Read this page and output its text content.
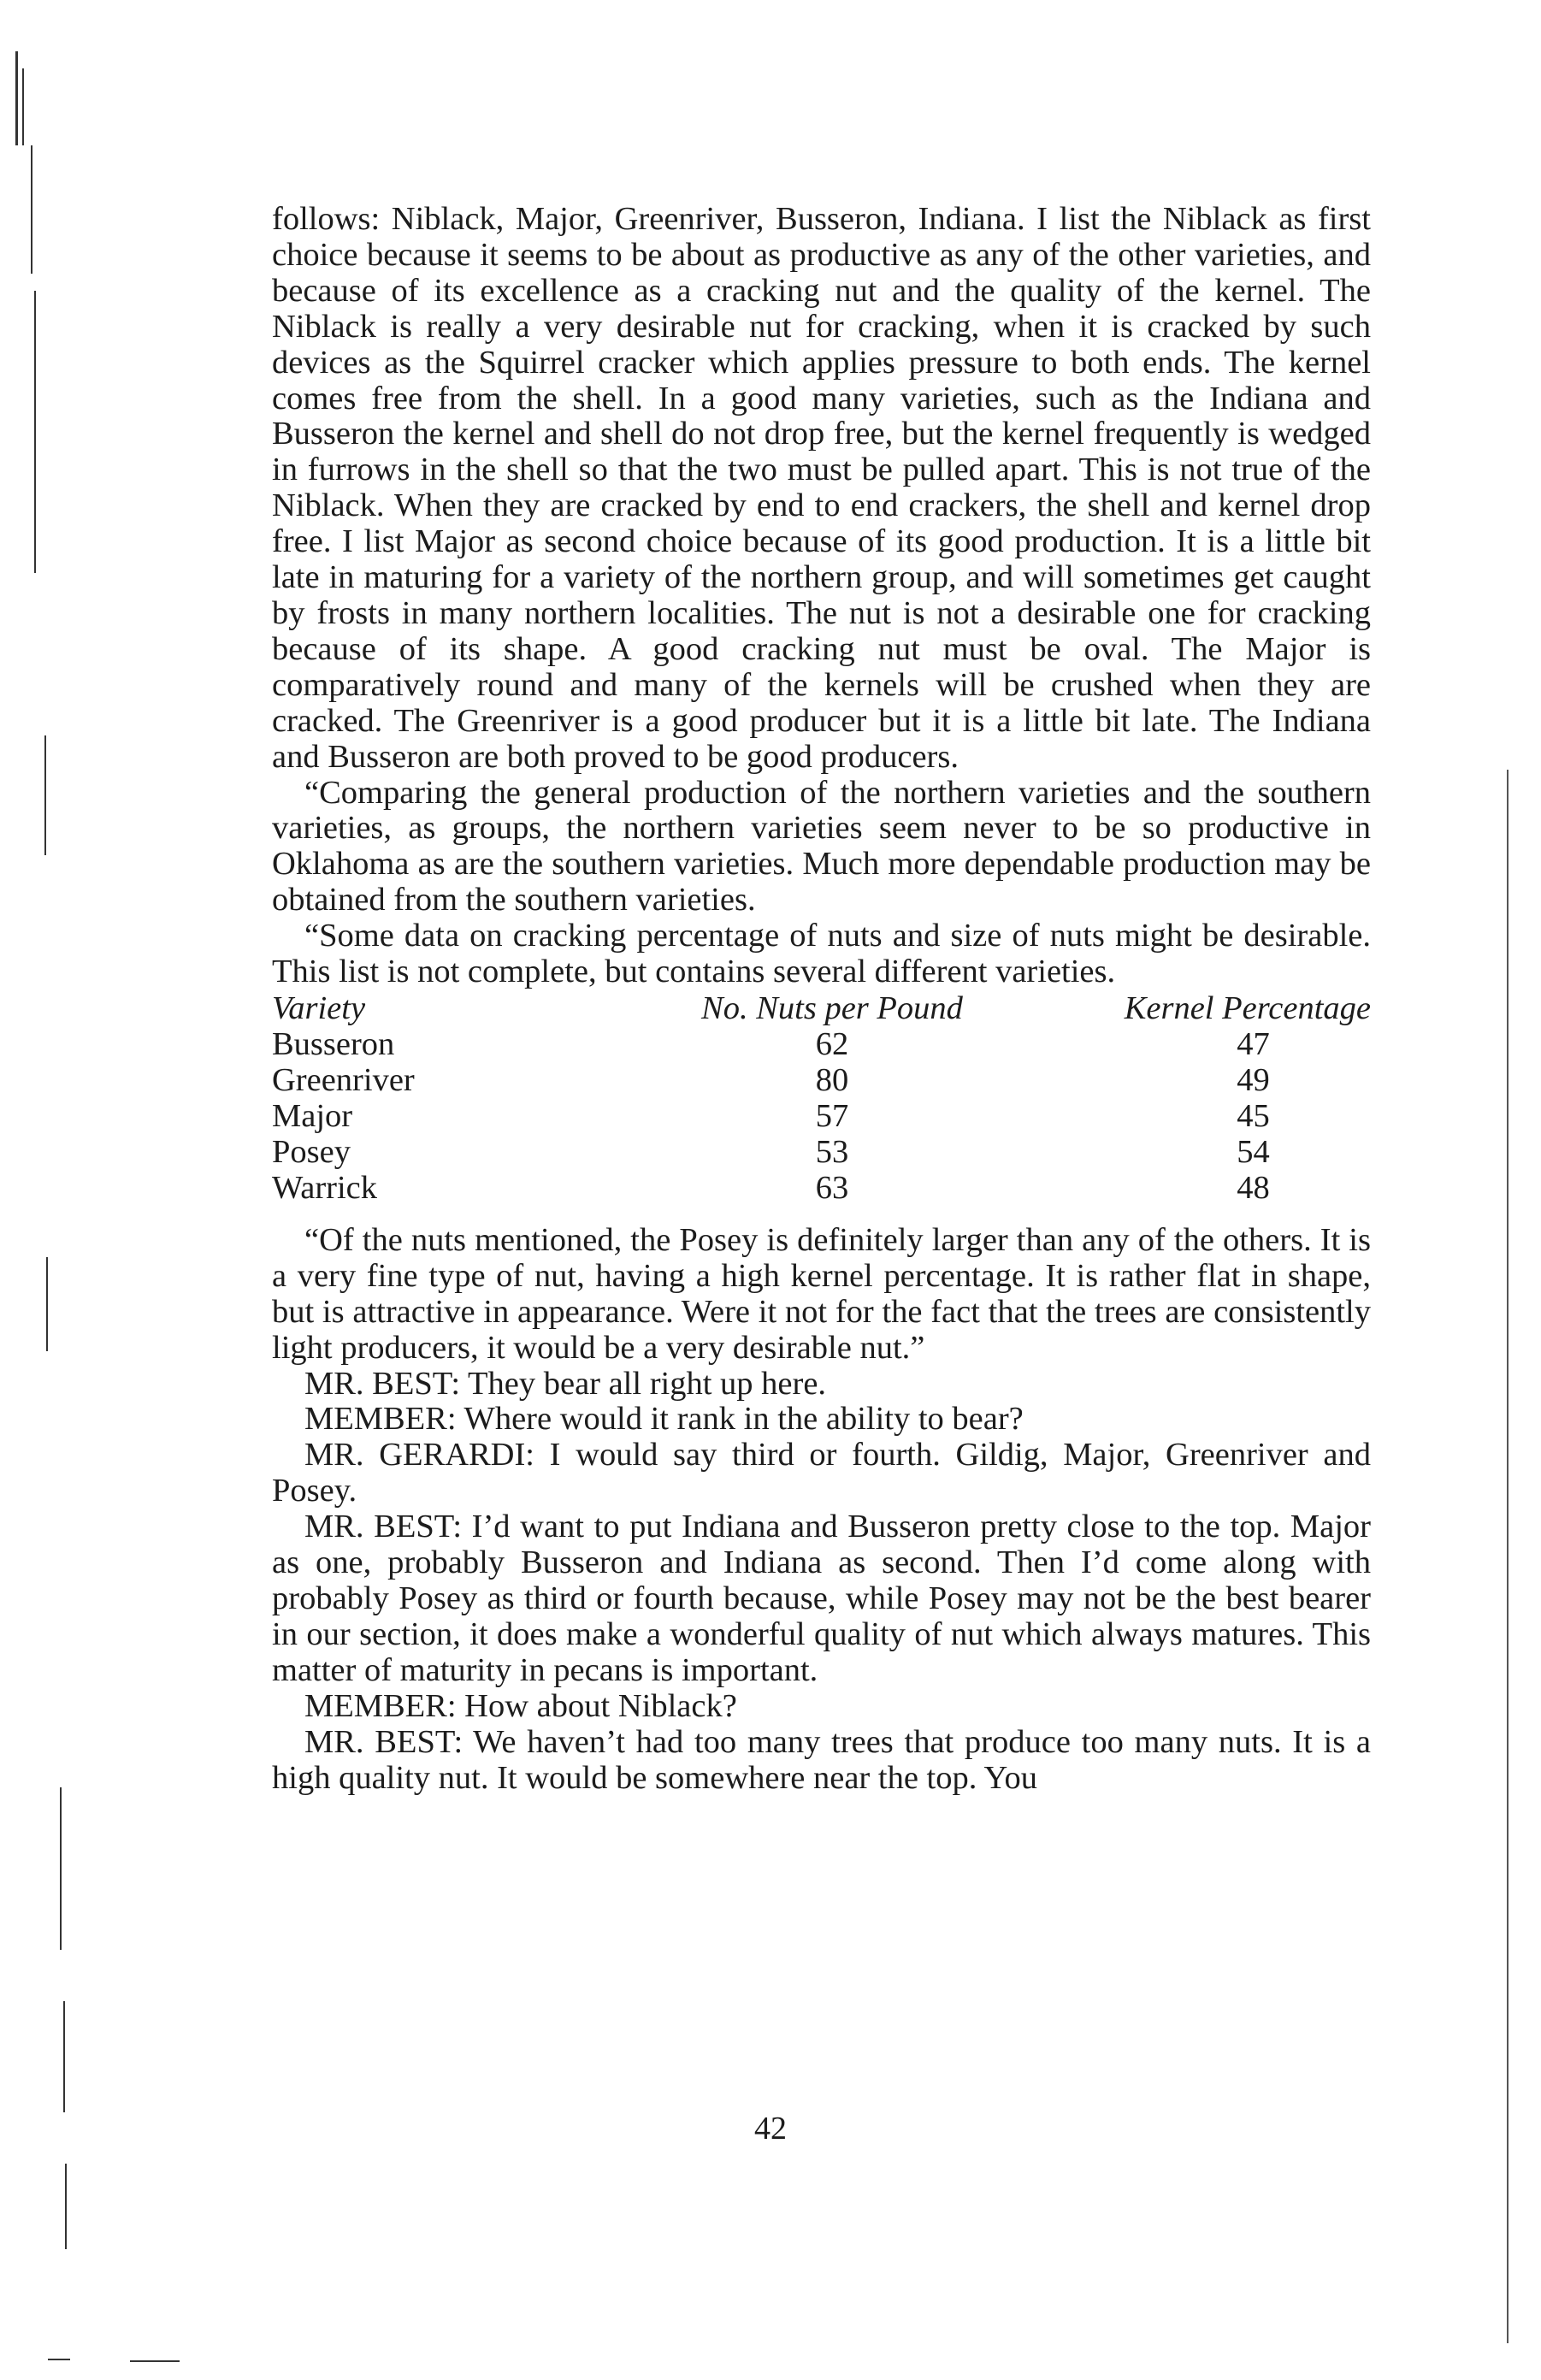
follows: Niblack, Major, Greenriver, Busseron, Indiana. I list the Niblack as first choice because it seems to be about as productive as any of the other varieties, and because of its excellence as a cracking nut and the quality of the kernel. The Niblack is really a very desirable nut for cracking, when it is cracked by such devices as the Squirrel cracker which applies pressure to both ends. The kernel comes free from the shell. In a good many varieties, such as the Indiana and Busseron the kernel and shell do not drop free, but the kernel frequently is wedged in furrows in the shell so that the two must be pulled apart. This is not true of the Niblack. When they are cracked by end to end crackers, the shell and kernel drop free. I list Major as second choice because of its good production. It is a little bit late in maturing for a variety of the northern group, and will sometimes get caught by frosts in many northern localities. The nut is not a desirable one for cracking because of its shape. A good cracking nut must be oval. The Major is comparatively round and many of the kernels will be crushed when they are cracked. The Greenriver is a good producer but it is a little bit late. The Indiana and Busseron are both proved to be good producers.

“Comparing the general production of the northern varieties and the southern varieties, as groups, the northern varieties seem never to be so productive in Oklahoma as are the southern varieties. Much more dependable production may be obtained from the southern varieties.

“Some data on cracking percentage of nuts and size of nuts might be desirable. This list is not complete, but contains several different varieties.

Variety	No. Nuts per Pound	Kernel Percentage
Busseron	62	47
Greenriver	80	49
Major	57	45
Posey	53	54
Warrick	63	48

“Of the nuts mentioned, the Posey is definitely larger than any of the others. It is a very fine type of nut, having a high kernel percentage. It is rather flat in shape, but is attractive in appearance. Were it not for the fact that the trees are consistently light producers, it would be a very desirable nut.”

MR. BEST: They bear all right up here.

MEMBER: Where would it rank in the ability to bear?

MR. GERARDI: I would say third or fourth. Gildig, Major, Greenriver and Posey.

MR. BEST: I’d want to put Indiana and Busseron pretty close to the top. Major as one, probably Busseron and Indiana as second. Then I’d come along with probably Posey as third or fourth because, while Posey may not be the best bearer in our section, it does make a wonderful quality of nut which always matures. This matter of maturity in pecans is important.

MEMBER: How about Niblack?

MR. BEST: We haven’t had too many trees that produce too many nuts. It is a high quality nut. It would be somewhere near the top. You

42
